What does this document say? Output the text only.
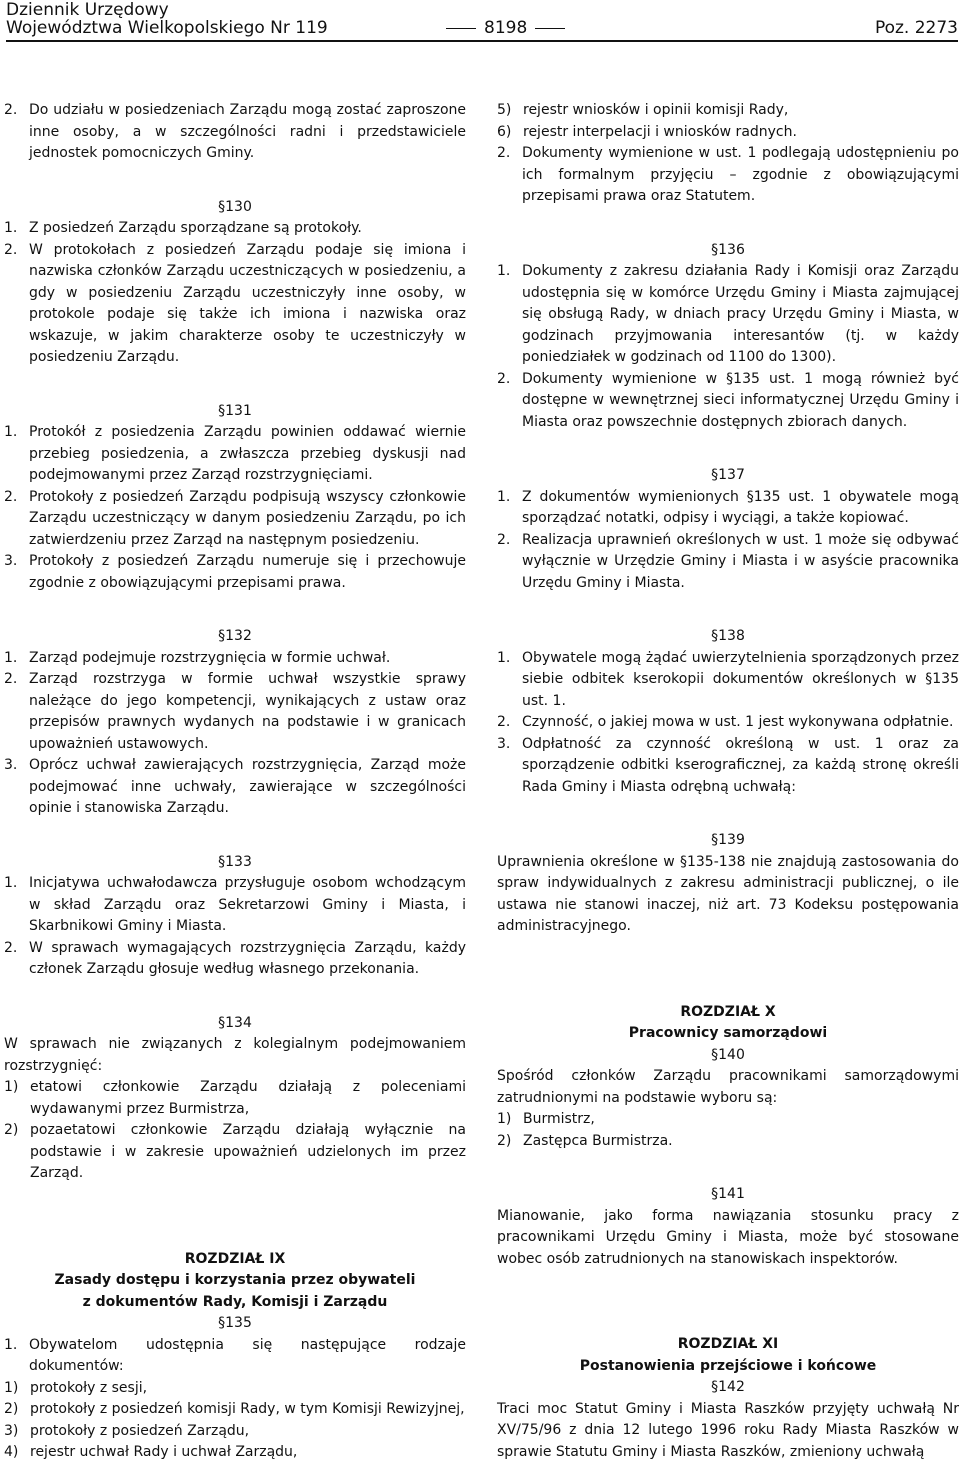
Dziennik Urzędowy
Województwa Wielkopolskiego Nr 119	8198	Poz. 2273

2. Do udziału w posiedzeniach Zarządu mogą zostać zaproszone inne osoby, a w szczególności radni i przedstawiciele jednostek pomocniczych Gminy.

§130

1. Z posiedzeń Zarządu sporządzane są protokoły.

2. W protokołach z posiedzeń Zarządu podaje się imiona i nazwiska członków Zarządu uczestniczących w posiedzeniu, a gdy w posiedzeniu Zarządu uczestniczyły inne osoby, w protokole podaje się także ich imiona i nazwiska oraz wskazuje, w jakim charakterze osoby te uczestniczyły w posiedzeniu Zarządu.

§131

1. Protokół z posiedzenia Zarządu powinien oddawać wiernie przebieg posiedzenia, a zwłaszcza przebieg dyskusji nad podejmowanymi przez Zarząd rozstrzygnięciami.

2. Protokoły z posiedzeń Zarządu podpisują wszyscy członkowie Zarządu uczestniczący w danym posiedzeniu Zarządu, po ich zatwierdzeniu przez Zarząd na następnym posiedzeniu.

3. Protokoły z posiedzeń Zarządu numeruje się i przechowuje zgodnie z obowiązującymi przepisami prawa.

§132

1. Zarząd podejmuje rozstrzygnięcia w formie uchwał.

2. Zarząd rozstrzyga w formie uchwał wszystkie sprawy należące do jego kompetencji, wynikających z ustaw oraz przepisów prawnych wydanych na podstawie i w granicach upoważnień ustawowych.

3. Oprócz uchwał zawierających rozstrzygnięcia, Zarząd może podejmować inne uchwały, zawierające w szczególności opinie i stanowiska Zarządu.

§133

1. Inicjatywa uchwałodawcza przysługuje osobom wchodzącym w skład Zarządu oraz Sekretarzowi Gminy i Miasta, i Skarbnikowi Gminy i Miasta.

2. W sprawach wymagających rozstrzygnięcia Zarządu, każdy członek Zarządu głosuje według własnego przekonania.

§134

W sprawach nie związanych z kolegialnym podejmowaniem rozstrzygnięć:

1) etatowi członkowie Zarządu działają z poleceniami wydawanymi przez Burmistrza,

2) pozaetatowi członkowie Zarządu działają wyłącznie na podstawie i w zakresie upoważnień udzielonych im przez Zarząd.

ROZDZIAŁ IX

Zasady dostępu i korzystania przez obywateli

z dokumentów Rady, Komisji i Zarządu

§135

1. Obywatelom udostępnia się następujące rodzaje dokumentów:

1) protokoły z sesji,

2) protokoły z posiedzeń komisji Rady, w tym Komisji Rewizyjnej,

3) protokoły z posiedzeń Zarządu,

4) rejestr uchwał Rady i uchwał Zarządu,

5) rejestr wniosków i opinii komisji Rady,

6) rejestr interpelacji i wniosków radnych.

2. Dokumenty wymienione w ust. 1 podlegają udostępnieniu po ich formalnym przyjęciu – zgodnie z obowiązującymi przepisami prawa oraz Statutem.

§136

1. Dokumenty z zakresu działania Rady i Komisji oraz Zarządu udostępnia się w komórce Urzędu Gminy i Miasta zajmującej się obsługą Rady, w dniach pracy Urzędu Gminy i Miasta, w godzinach przyjmowania interesantów (tj. w każdy poniedziałek w godzinach od 1100 do 1300).

2. Dokumenty wymienione w §135 ust. 1 mogą również być dostępne w wewnętrznej sieci informatycznej Urzędu Gminy i Miasta oraz powszechnie dostępnych zbiorach danych.

§137

1. Z dokumentów wymienionych §135 ust. 1 obywatele mogą sporządzać notatki, odpisy i wyciągi, a także kopiować.

2. Realizacja uprawnień określonych w ust. 1 może się odbywać wyłącznie w Urzędzie Gminy i Miasta i w asyście pracownika Urzędu Gminy i Miasta.

§138

1. Obywatele mogą żądać uwierzytelnienia sporządzonych przez siebie odbitek kserokopii dokumentów określonych w §135 ust. 1.

2. Czynność, o jakiej mowa w ust. 1 jest wykonywana odpłatnie.

3. Odpłatność za czynność określoną w ust. 1 oraz za sporządzenie odbitki kserograficznej, za każdą stronę określi Rada Gminy i Miasta odrębną uchwałą:

§139

Uprawnienia określone w §135-138 nie znajdują zastosowania do spraw indywidualnych z zakresu administracji publicznej, o ile ustawa nie stanowi inaczej, niż art. 73 Kodeksu postępowania administracyjnego.

ROZDZIAŁ X

Pracownicy samorządowi

§140

Spośród członków Zarządu pracownikami samorządowymi zatrudnionymi na podstawie wyboru są:

1) Burmistrz,

2) Zastępca Burmistrza.

§141

Mianowanie, jako forma nawiązania stosunku pracy z pracownikami Urzędu Gminy i Miasta, może być stosowane wobec osób zatrudnionych na stanowiskach inspektorów.

ROZDZIAŁ XI

Postanowienia przejściowe i końcowe

§142

Traci moc Statut Gminy i Miasta Raszków przyjęty uchwałą Nr XV/75/96 z dnia 12 lutego 1996 roku Rady Miasta Raszków w sprawie Statutu Gminy i Miasta Raszków, zmieniony uchwałą
